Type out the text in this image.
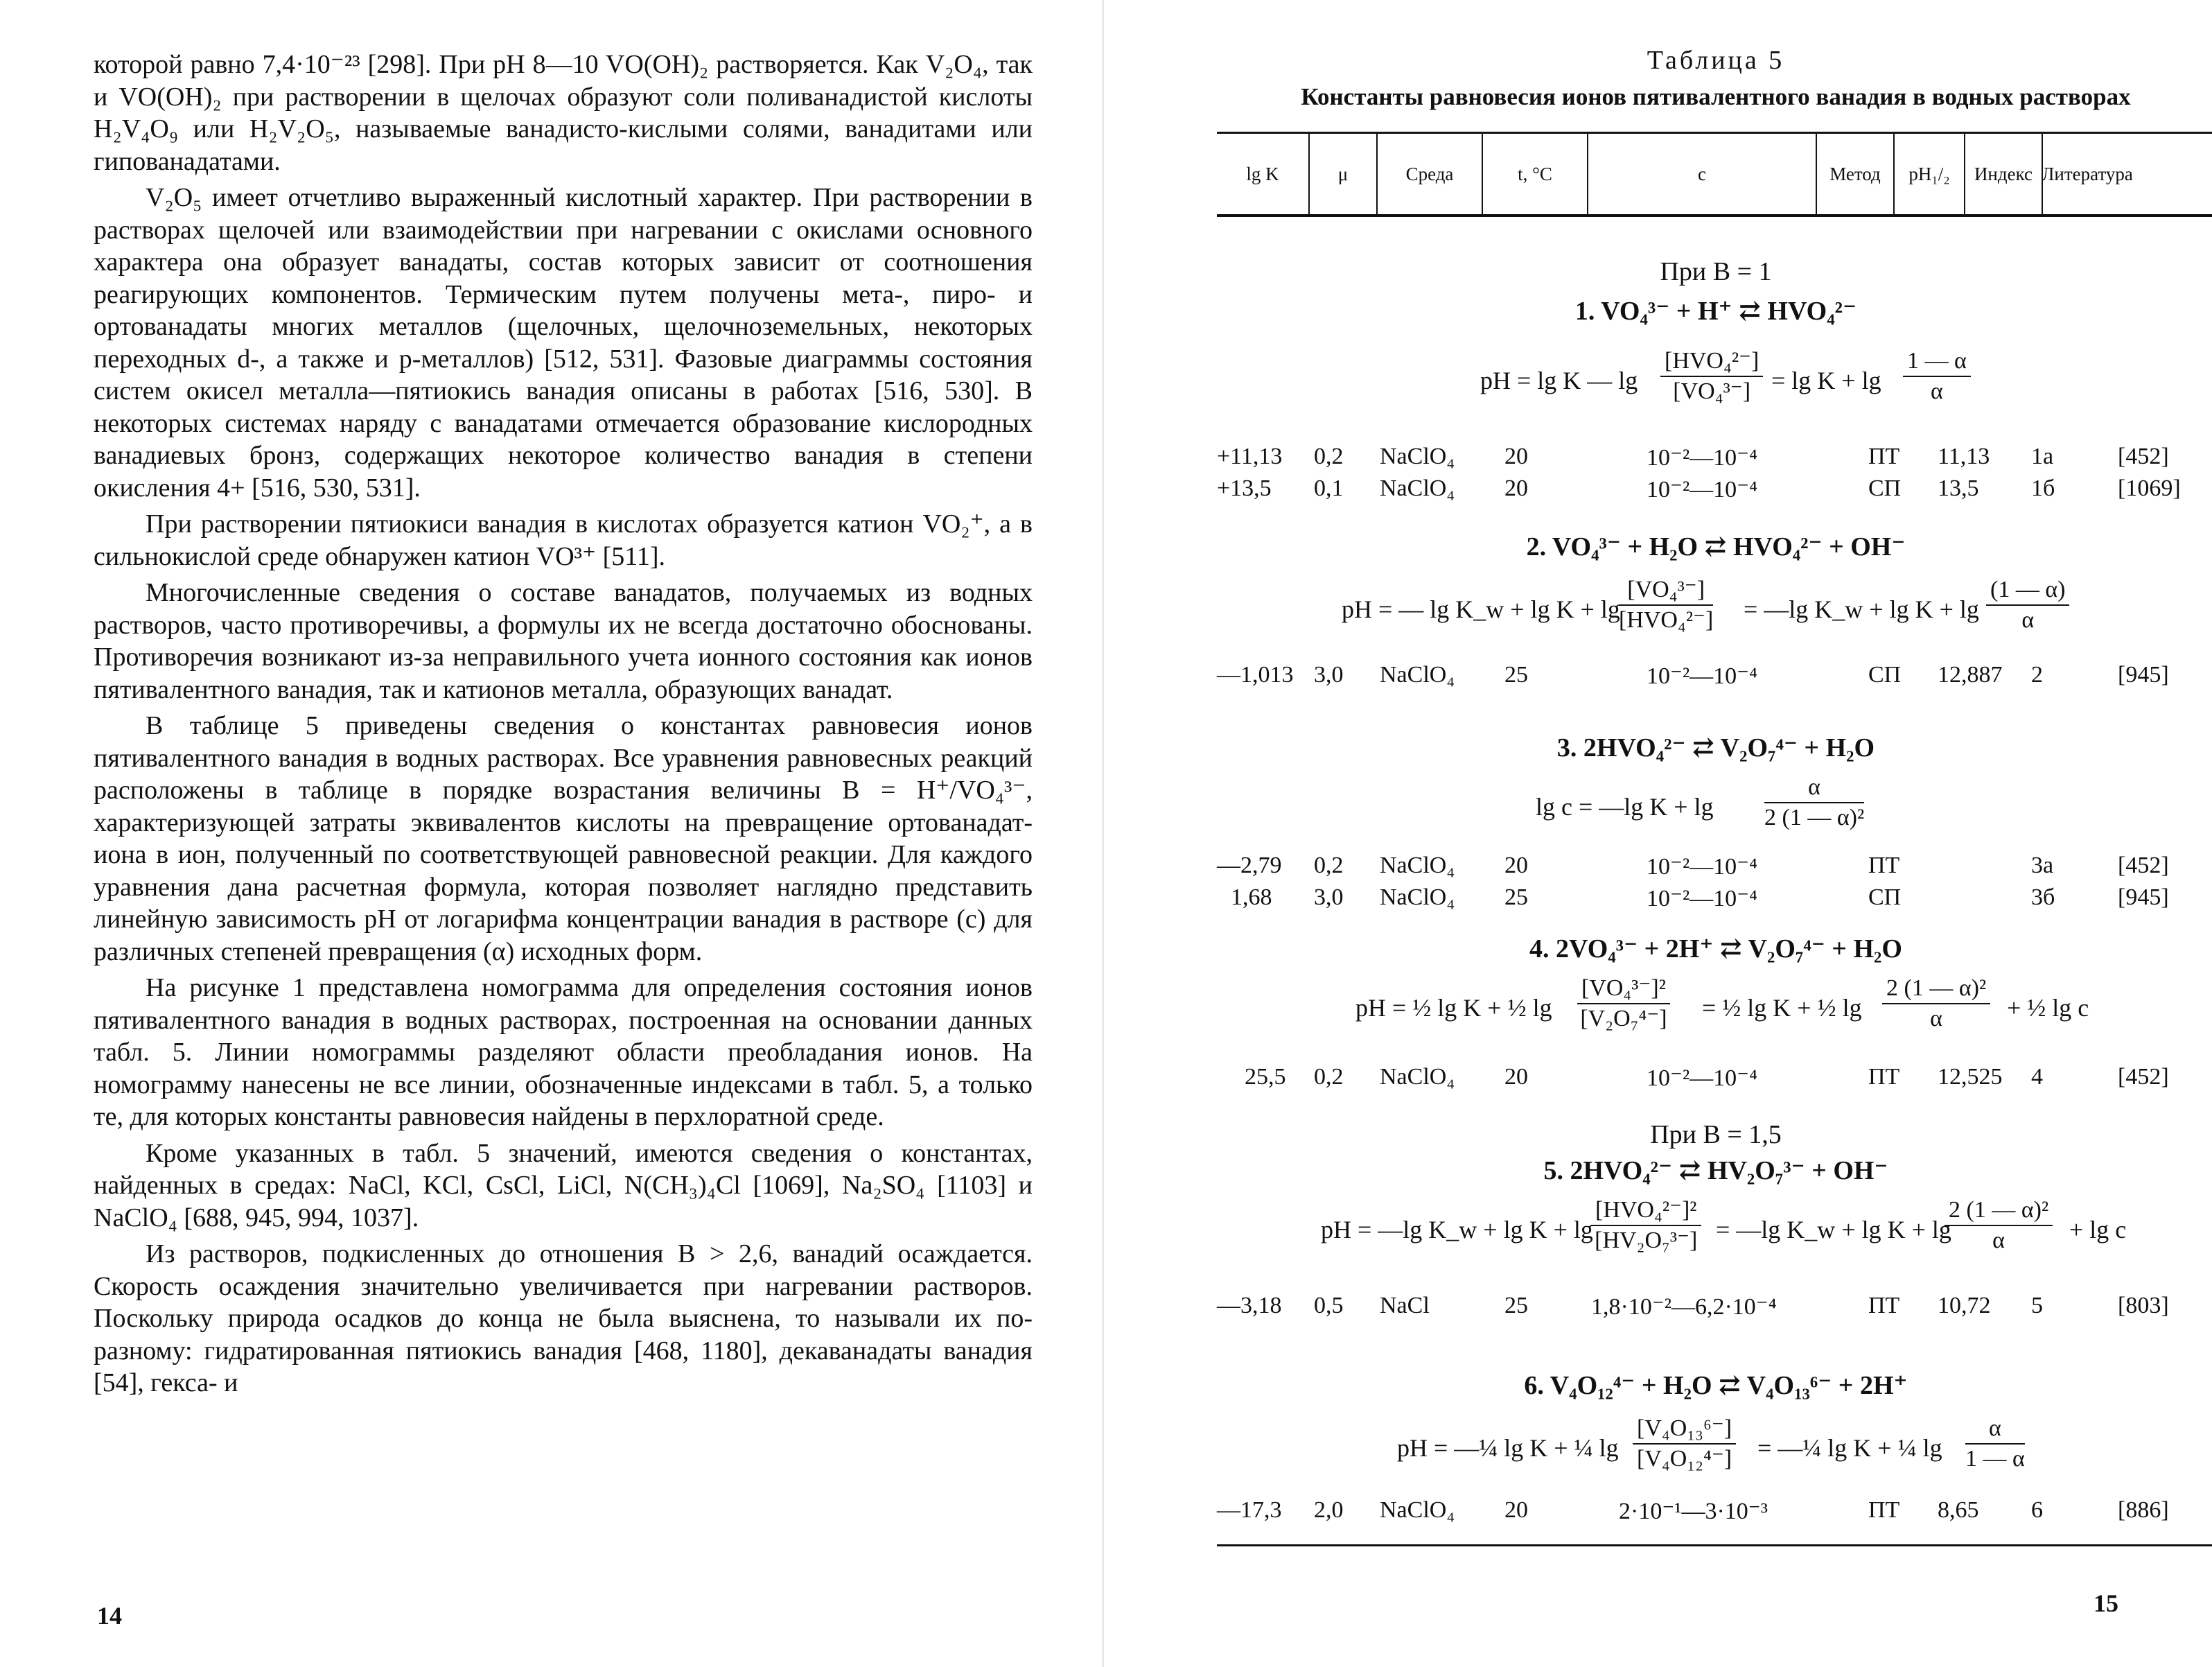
которой равно 7,4·10⁻²³ [298]. При pH 8—10 VO(OH)₂ растворяется. Как V₂O₄, так и VO(OH)₂ при растворении в щелочах образуют соли поливанадистой кислоты H₂V₄O₉ или H₂V₂O₅, называемые ванадисто-кислыми солями, ванадитами или гипованадатами.

V₂O₅ имеет отчетливо выраженный кислотный характер. При растворении в растворах щелочей или взаимодействии при нагревании с окислами основного характера она образует ванадаты, состав которых зависит от соотношения реагирующих компонентов. Термическим путем получены мета-, пиро- и ортованадаты многих металлов (щелочных, щелочноземельных, некоторых переходных d-, а также и p-металлов) [512, 531]. Фазовые диаграммы состояния систем окисел металла—пятиокись ванадия описаны в работах [516, 530]. В некоторых системах наряду с ванадатами отмечается образование кислородных ванадиевых бронз, содержащих некоторое количество ванадия в степени окисления 4+ [516, 530, 531].

При растворении пятиокиси ванадия в кислотах образуется катион VO₂⁺, а в сильнокислой среде обнаружен катион VO³⁺ [511].

Многочисленные сведения о составе ванадатов, получаемых из водных растворов, часто противоречивы, а формулы их не всегда достаточно обоснованы. Противоречия возникают из-за неправильного учета ионного состояния как ионов пятивалентного ванадия, так и катионов металла, образующих ванадат.

В таблице 5 приведены сведения о константах равновесия ионов пятивалентного ванадия в водных растворах. Все уравнения равновесных реакций расположены в таблице в порядке возрастания величины B = H⁺/VO₄³⁻, характеризующей затраты эквивалентов кислоты на превращение ортованадат-иона в ион, полученный по соответствующей равновесной реакции. Для каждого уравнения дана расчетная формула, которая позволяет наглядно представить линейную зависимость pH от логарифма концентрации ванадия в растворе (c) для различных степеней превращения (α) исходных форм.

На рисунке 1 представлена номограмма для определения состояния ионов пятивалентного ванадия в водных растворах, построенная на основании данных табл. 5. Линии номограммы разделяют области преобладания ионов. На номограмму нанесены не все линии, обозначенные индексами в табл. 5, а только те, для которых константы равновесия найдены в перхлоратной среде.

Кроме указанных в табл. 5 значений, имеются сведения о константах, найденных в средах: NaCl, KCl, CsCl, LiCl, N(CH₃)₄Cl [1069], Na₂SO₄ [1103] и NaClO₄ [688, 945, 994, 1037].

Из растворов, подкисленных до отношения B > 2,6, ванадий осаждается. Скорость осаждения значительно увеличивается при нагревании растворов. Поскольку природа осадков до конца не была выяснена, то называли их по-разному: гидратированная пятиокись ванадия [468, 1180], декаванадаты ванадия [54], гекса- и

14
Таблица 5
Константы равновесия ионов пятивалентного ванадия в водных растворах
lg K	μ	Среда	t, °C	c	Метод	pH₁/₂	Индекс Литература
При B = 1
1. VO₄³⁻ + H⁺ ⇄ HVO₄²⁻
pH = lg K — lg
[HVO₄²⁻]
$[VO_4^{3-}] = \lg K + \lg \frac{1 — \alpha}{\alpha}$
+11,13 0,2 NaClO₄ 20	10⁻²—10⁻⁴	ПТ 11,13 1а	[452]
+13,5 0,1 NaClO₄ 20	10⁻²—10⁻⁴	СП 13,5 1б	[1069]
2. VO₄³⁻ + H₂O ⇄ HVO₄²⁻ + OH⁻
pH = — lg K_w + lg K + lg
[VO₄³⁻]
[HVO₄²⁻] = —lg K_w + $\lg K + \lg \frac{(1 — \alpha)}{\alpha}$
—1,013 3,0 NaClO₄ 25	10⁻²—10⁻⁴	СП 12,887 2	[945]
3. 2HVO₄²⁻ ⇄ V₂O₇⁴⁻ + H₂O
lg c = —lg $K + \lg \frac{\alpha}{\text{2 (1 — α)²}}$
—2,79 0,2 NaClO₄ 20	10⁻²—10⁻⁴	ПТ	3а	[452]
1,68 3,0 NaClO₄ 25	10⁻²—10⁻⁴	СП	3б	[945]
4. 2VO₄³⁻ + 2H⁺ ⇄ V₂O₇⁴⁻ + H₂O
pH = ½ lg K + ½ $\lg \frac{\text{[VO₄³⁻]²}}{\text{[V₂O₇⁴⁻]}}$ = ½ lg K + ½ $\lg \frac{\text{2 (1 — α)²}}{\alpha}$ + ½ lg c
25,5 0,2 NaClO₄ 20	10⁻²—10⁻⁴	ПТ 12,525 4	[452]
При B = 1,5
5. 2HVO₄²⁻ ⇄ HV₂O₇³⁻ + OH⁻
pH = —lg K_w + lg K + lg
[HVO₄²⁻]²
[HV₂O₇³⁻] = —lg K_w + lg K + lg
$\frac{\text{2 (1 — α)²}}{\alpha} + \lg c$
—3,18 0,5 NaCl	25	1,8·10⁻²—6,2·10⁻⁴	ПТ 10,72 5	[803]
6. V₄O₁₂⁴⁻ + H₂O ⇄ V₄O₁₃⁶⁻ + 2H⁺
pH = —¼ lg K + ¼ $\lg \frac{\text{[V₄O₁₃⁶⁻]}}{\text{[V₄O₁₂⁴⁻]}}$ = —¼ lg K + ¼ $\lg \frac{\alpha}{1 — \alpha}$
—17,3 2,0 NaClO₄ 20	2·10⁻¹—3·10⁻³	ПТ 8,65 6	[886]
15
